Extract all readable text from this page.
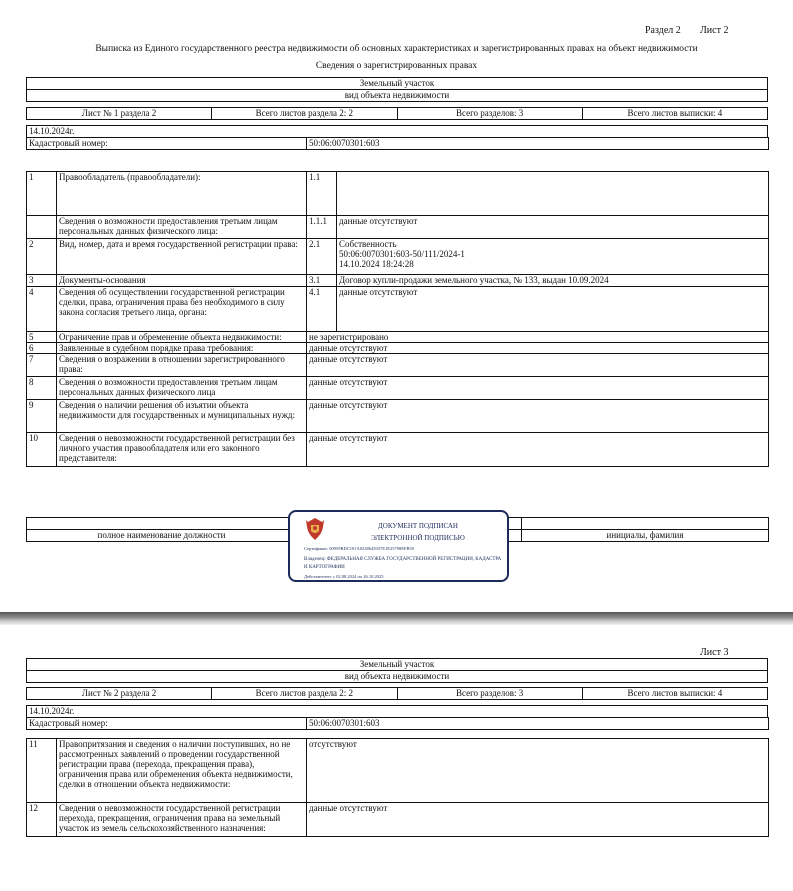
Раздел 2 Лист 2
Выписка из Единого государственного реестра недвижимости об основных характеристиках и зарегистрированных правах на объект недвижимости
Сведения о зарегистрированных правах
Земельный участок
вид объекта недвижимости
Лист № 1 раздела 2	Всего листов раздела 2: 2	Всего разделов: 3	Всего листов выписки: 4
14.10.2024г.
Кадастровый номер:	50:06:0070301:603
1	Правообладатель (правообладатели):	1.1	
	Сведения о возможности предоставления третьим лицам персональных данных физического лица:	1.1.1	данные отсутствуют
2	Вид, номер, дата и время государственной регистрации права:	2.1	Собственность
50:06:0070301:603-50/111/2024-1
14.10.2024 18:24:28
3	Документы-основания	3.1	Договор купли-продажи земельного участка, № 133, выдан 10.09.2024
4	Сведения об осуществлении государственной регистрации сделки, права, ограничения права без необходимого в силу закона согласия третьего лица, органа:	4.1	данные отсутствуют
5	Ограничение прав и обременение объекта недвижимости:	не зарегистрировано	
6	Заявленные в судебном порядке права требования:	данные отсутствуют	
7	Сведения о возражении в отношении зарегистрированного права:	данные отсутствуют	
8	Сведения о возможности предоставления третьим лицам персональных данных физического лица	данные отсутствуют	
9	Сведения о наличии решения об изъятии объекта недвижимости для государственных и муниципальных нужд:	данные отсутствуют	
10	Сведения о невозможности государственной регистрации без личного участия правообладателя или его законного представителя:	данные отсутствуют	

полное наименование должности		инициалы, фамилия
ДОКУМЕНТ ПОДПИСАН
ЭЛЕКТРОННОЙ ПОДПИСЬЮ
Сертификат: 00959BDC181A0238645937E1E25798EFB50
Владелец: ФЕДЕРАЛЬНАЯ СЛУЖБА ГОСУДАРСТВЕННОЙ РЕГИСТРАЦИИ, КАДАСТРА И КАРТОГРАФИИ
Действителен: с 02.08.2024 по 26.10.2025
Лист 3
Земельный участок
вид объекта недвижимости
Лист № 2 раздела 2	Всего листов раздела 2: 2	Всего разделов: 3	Всего листов выписки: 4
14.10.2024г.
Кадастровый номер:	50:06:0070301:603
11	Правопритязания и сведения о наличии поступивших, но не рассмотренных заявлений о проведении государственной регистрации права (перехода, прекращения права), ограничения права или обременения объекта недвижимости, сделки в отношении объекта недвижимости:	отсутствуют
12	Сведения о невозможности государственной регистрации перехода, прекращения, ограничения права на земельный участок из земель сельскохозяйственного назначения:	данные отсутствуют
